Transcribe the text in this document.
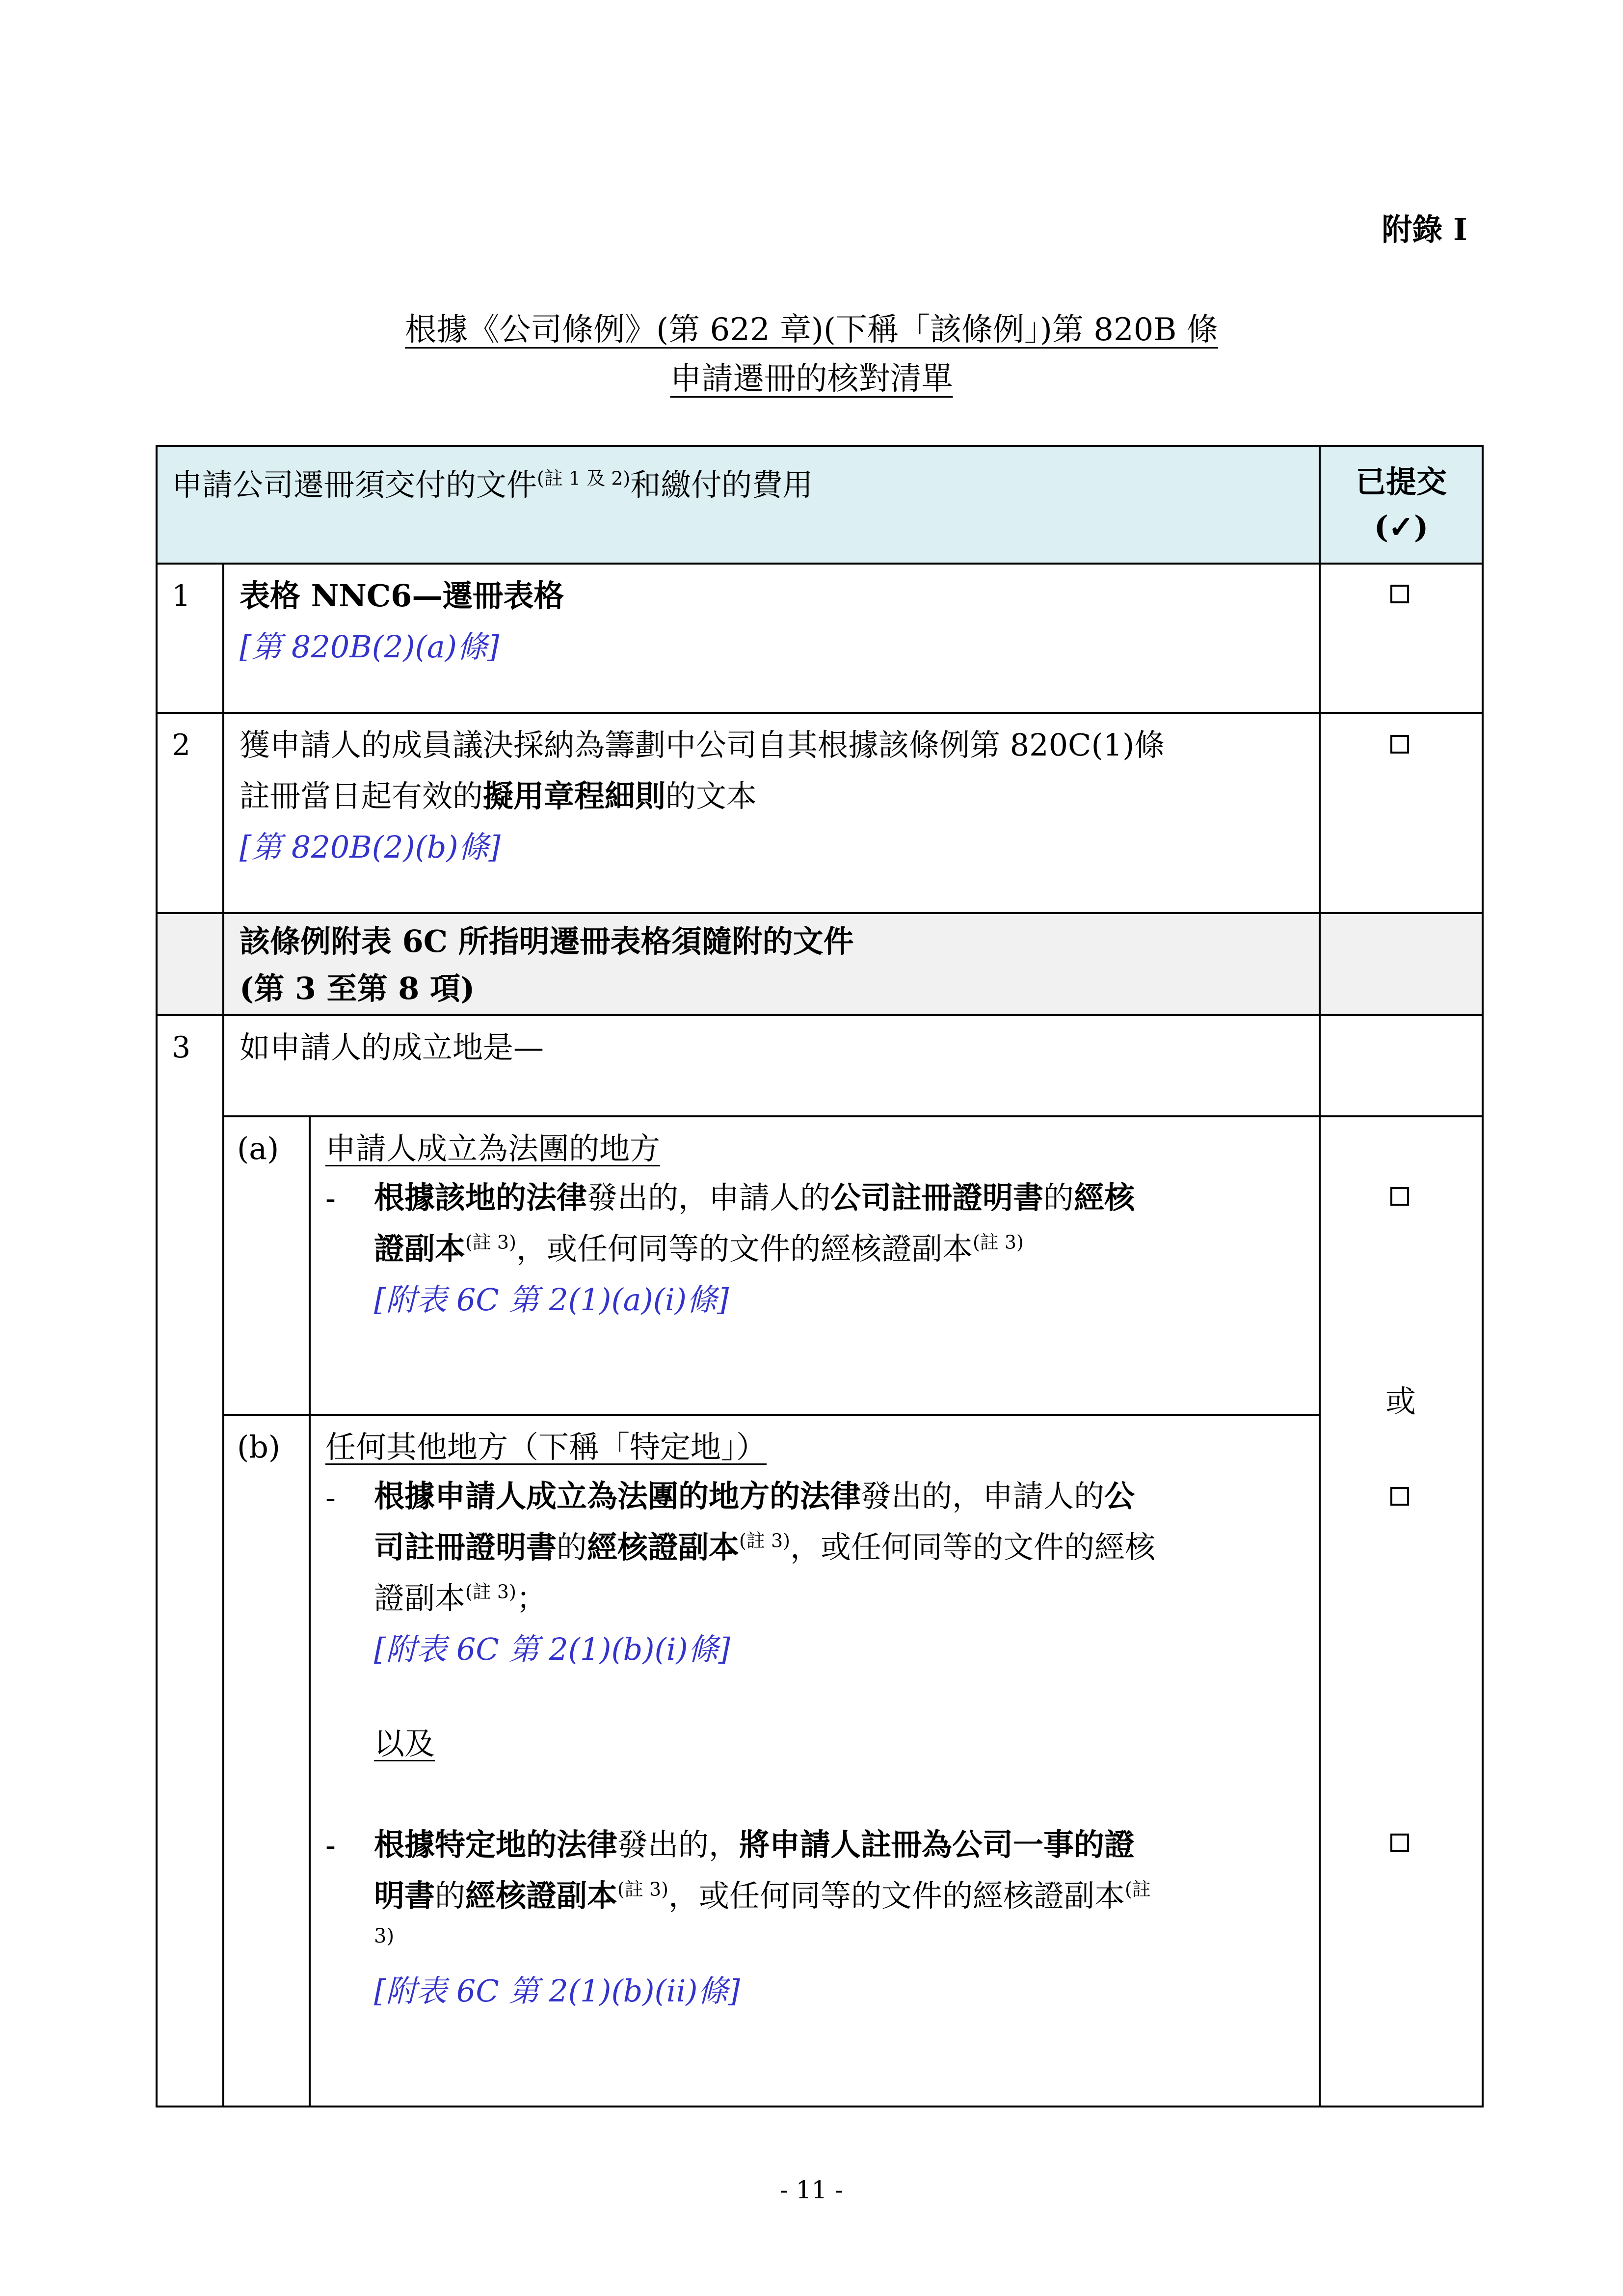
附錄 I
根據《公司條例》(第 622 章)(下稱「該條例」)第 820B 條
申請遷冊的核對清單
申請公司遷冊須交付的文件$^{(註 1 及 2)}$和繳付的費用	已提交
(✓)
1 表格 NNC6—遷冊表格
[第 820B(2)(a)條]
2 獲申請人的成員議決採納為籌劃中公司自其根據該條例第 820C(1)條
註冊當日起有效的擬用章程細則的文本
[第 820B(2)(b)條]
該條例附表 6C 所指明遷冊表格須隨附的文件
(第 3 至第 8 項)
3 如申請人的成立地是—
(a) 申請人成立為法團的地方
- 根據該地的法律發出的，申請人的公司註冊證明書的經核
證副本$^{(註 3)}$，或任何同等的文件的經核證副本$^{(註 3)}$
[附表 6C 第 2(1)(a)(i)條]
或
(b) 任何其他地方（下稱「特定地」）
- 根據申請人成立為法團的地方的法律發出的，申請人的公
司註冊證明書的經核證副本$^{(註 3)}$，或任何同等的文件的經核
證副本$^{(註 3)}$；
[附表 6C 第 2(1)(b)(i)條]
以及
- 根據特定地的法律發出的，將申請人註冊為公司一事的證
明書的經核證副本$^{(註 3)}$，或任何同等的文件的經核證副本$^{(註}$
3)
[附表 6C 第 2(1)(b)(ii)條]
- 11 -
